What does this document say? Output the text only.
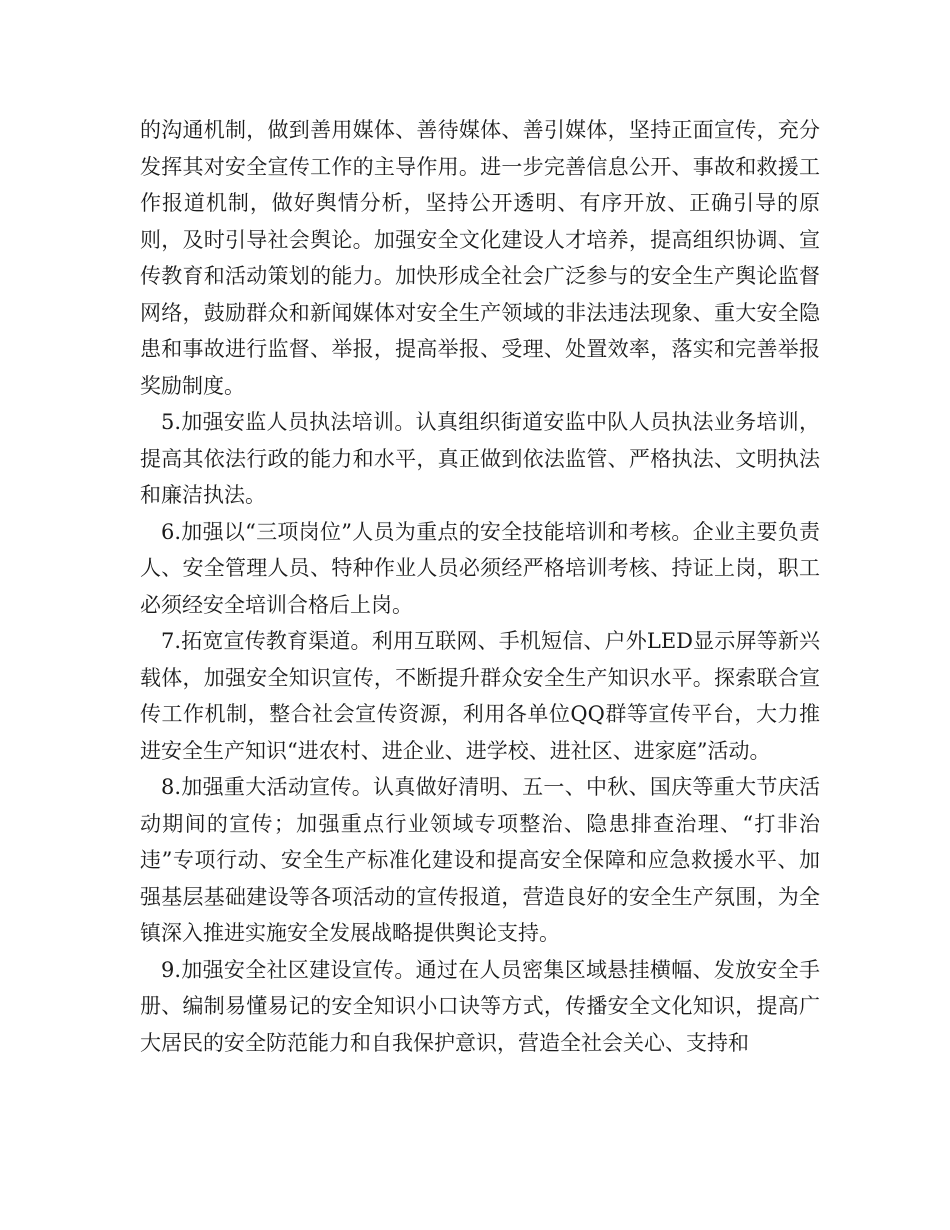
的沟通机制，做到善用媒体、善待媒体、善引媒体，坚持正面宣传，充分发挥其对安全宣传工作的主导作用。进一步完善信息公开、事故和救援工作报道机制，做好舆情分析，坚持公开透明、有序开放、正确引导的原则，及时引导社会舆论。加强安全文化建设人才培养，提高组织协调、宣传教育和活动策划的能力。加快形成全社会广泛参与的安全生产舆论监督网络，鼓励群众和新闻媒体对安全生产领域的非法违法现象、重大安全隐患和事故进行监督、举报，提高举报、受理、处置效率，落实和完善举报奖励制度。

5.加强安监人员执法培训。认真组织街道安监中队人员执法业务培训，提高其依法行政的能力和水平，真正做到依法监管、严格执法、文明执法和廉洁执法。

6.加强以“三项岗位”人员为重点的安全技能培训和考核。企业主要负责人、安全管理人员、特种作业人员必须经严格培训考核、持证上岗，职工必须经安全培训合格后上岗。

7.拓宽宣传教育渠道。利用互联网、手机短信、户外LED显示屏等新兴载体，加强安全知识宣传，不断提升群众安全生产知识水平。探索联合宣传工作机制，整合社会宣传资源，利用各单位QQ群等宣传平台，大力推进安全生产知识“进农村、进企业、进学校、进社区、进家庭”活动。

8.加强重大活动宣传。认真做好清明、五一、中秋、国庆等重大节庆活动期间的宣传；加强重点行业领域专项整治、隐患排查治理、“打非治违”专项行动、安全生产标准化建设和提高安全保障和应急救援水平、加强基层基础建设等各项活动的宣传报道，营造良好的安全生产氛围，为全镇深入推进实施安全发展战略提供舆论支持。

9.加强安全社区建设宣传。通过在人员密集区域悬挂横幅、发放安全手册、编制易懂易记的安全知识小口诀等方式，传播安全文化知识，提高广大居民的安全防范能力和自我保护意识，营造全社会关心、支持和
